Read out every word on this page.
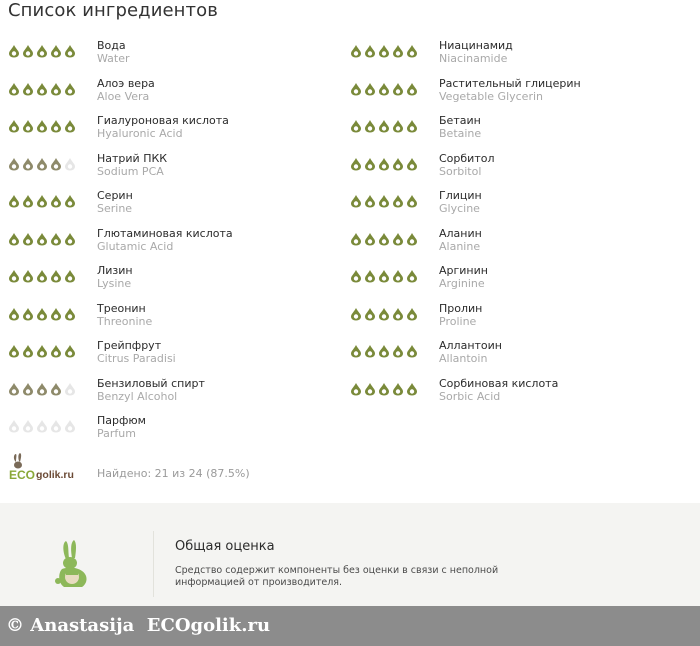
Список ингредиентов
Вода
Water
Алоэ вера
Aloe Vera
Гиалуроновая кислота
Hyaluronic Acid
Натрий ПКК
Sodium PCA
Серин
Serine
Глютаминовая кислота
Glutamic Acid
Лизин
Lysine
Треонин
Threonine
Грейпфрут
Citrus Paradisi
Бензиловый спирт
Benzyl Alcohol
Парфюм
Parfum
Ниацинамид
Niacinamide
Растительный глицерин
Vegetable Glycerin
Бетаин
Betaine
Сорбитол
Sorbitol
Глицин
Glycine
Аланин
Alanine
Аргинин
Arginine
Пролин
Proline
Аллантоин
Allantoin
Сорбиновая кислота
Sorbic Acid
ECO golik.ru Найдено: 21 из 24 (87.5%)
Общая оценка
Средство содержит компоненты без оценки в связи с неполной информацией от производителя.
© Anastasija  ECOgolik.ru
